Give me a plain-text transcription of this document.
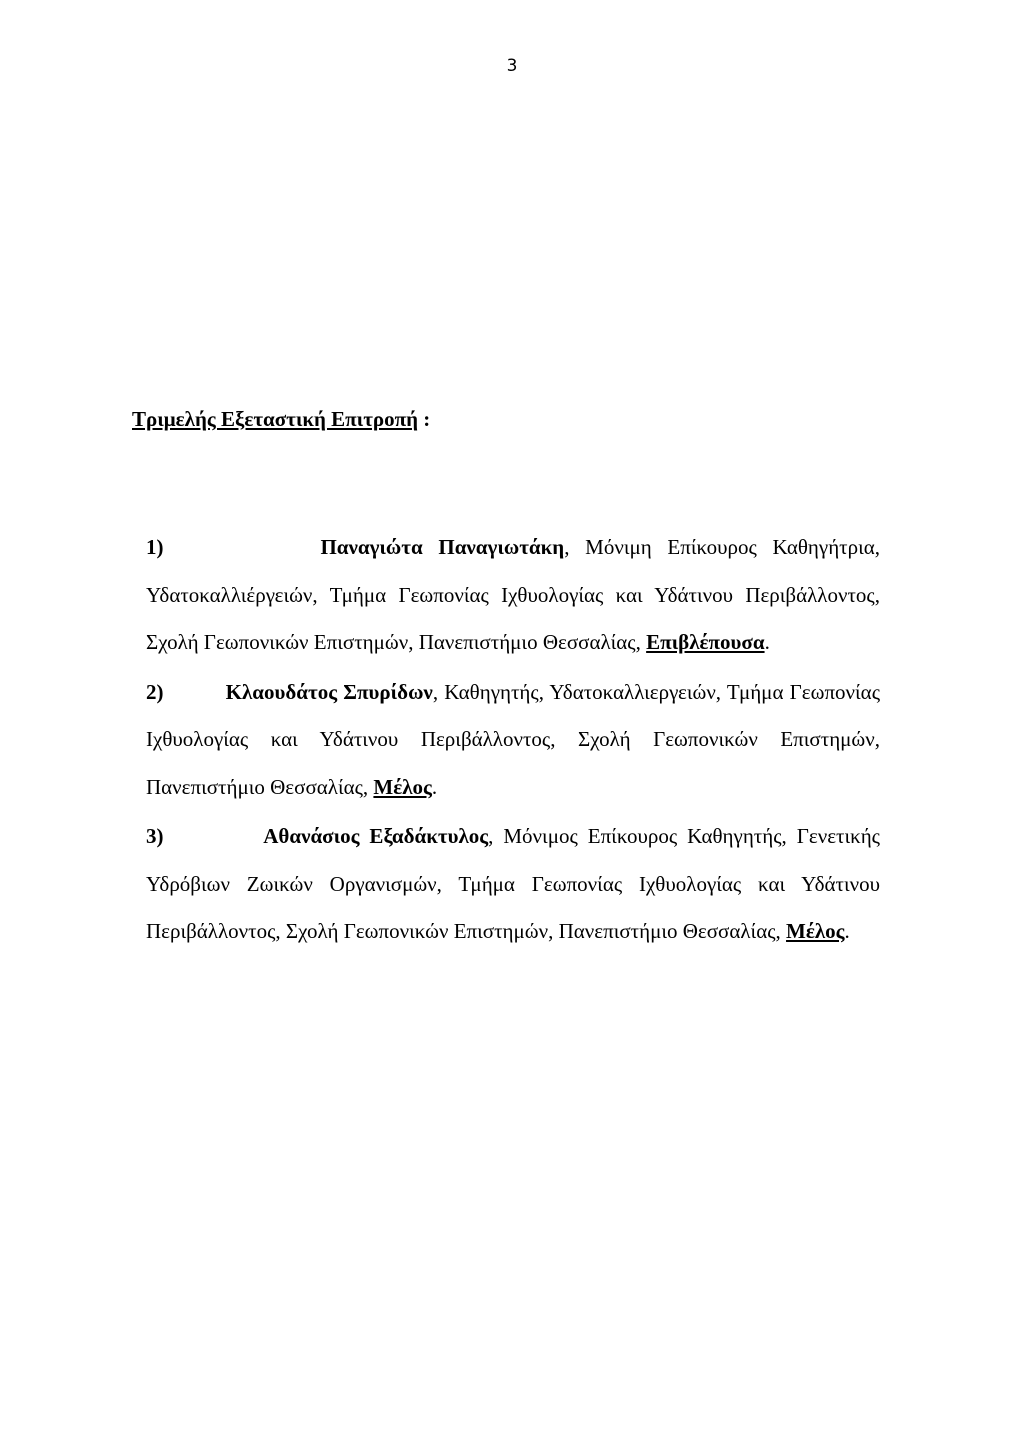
3

Τριμελής Εξεταστική Επιτροπή :

1)	Παναγιώτα Παναγιωτάκη, Μόνιμη Επίκουρος Καθηγήτρια, Υδατοκαλλιέργειών, Τμήμα Γεωπονίας Ιχθυολογίας και Υδάτινου Περιβάλλοντος, Σχολή Γεωπονικών Επιστημών, Πανεπιστήμιο Θεσσαλίας, Επιβλέπουσα.

2)	Κλαουδάτος Σπυρίδων, Καθηγητής, Υδατοκαλλιεργειών, Τμήμα Γεωπονίας Ιχθυολογίας και Υδάτινου Περιβάλλοντος, Σχολή Γεωπονικών Επιστημών, Πανεπιστήμιο Θεσσαλίας, Μέλος.

3)	Αθανάσιος Εξαδάκτυλος, Μόνιμος Επίκουρος Καθηγητής, Γενετικής Υδρόβιων Ζωικών Οργανισμών, Τμήμα Γεωπονίας Ιχθυολογίας και Υδάτινου Περιβάλλοντος, Σχολή Γεωπονικών Επιστημών, Πανεπιστήμιο Θεσσαλίας, Μέλος.
